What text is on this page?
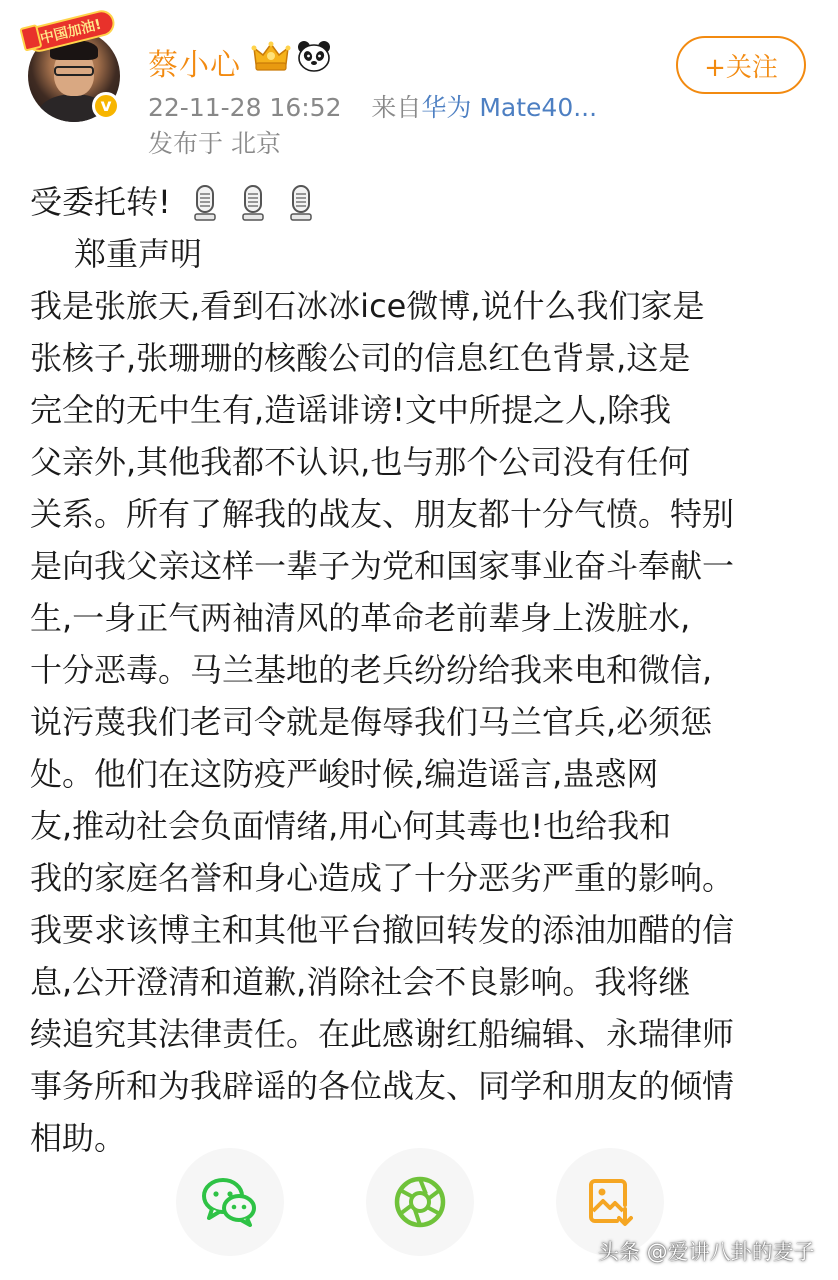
中国加油!
v
蔡小心
22-11-28 16:52 来自华为 Mate40...
发布于 北京
+关注
受委托转!
郑重声明
我是张旅天,看到石冰冰ice微博,说什么我们家是
张核子,张珊珊的核酸公司的信息红色背景,这是
完全的无中生有,造谣诽谤!文中所提之人,除我
父亲外,其他我都不认识,也与那个公司没有任何
关系。所有了解我的战友、朋友都十分气愤。特别
是向我父亲这样一辈子为党和国家事业奋斗奉献一
生,一身正气两袖清风的革命老前辈身上泼脏水,
十分恶毒。马兰基地的老兵纷纷给我来电和微信,
说污蔑我们老司令就是侮辱我们马兰官兵,必须惩
处。他们在这防疫严峻时候,编造谣言,蛊惑网
友,推动社会负面情绪,用心何其毒也!也给我和
我的家庭名誉和身心造成了十分恶劣严重的影响。
我要求该博主和其他平台撤回转发的添油加醋的信
息,公开澄清和道歉,消除社会不良影响。我将继
续追究其法律责任。在此感谢红船编辑、永瑞律师
事务所和为我辟谣的各位战友、同学和朋友的倾情
相助。
头条 @爱讲八卦的麦子
